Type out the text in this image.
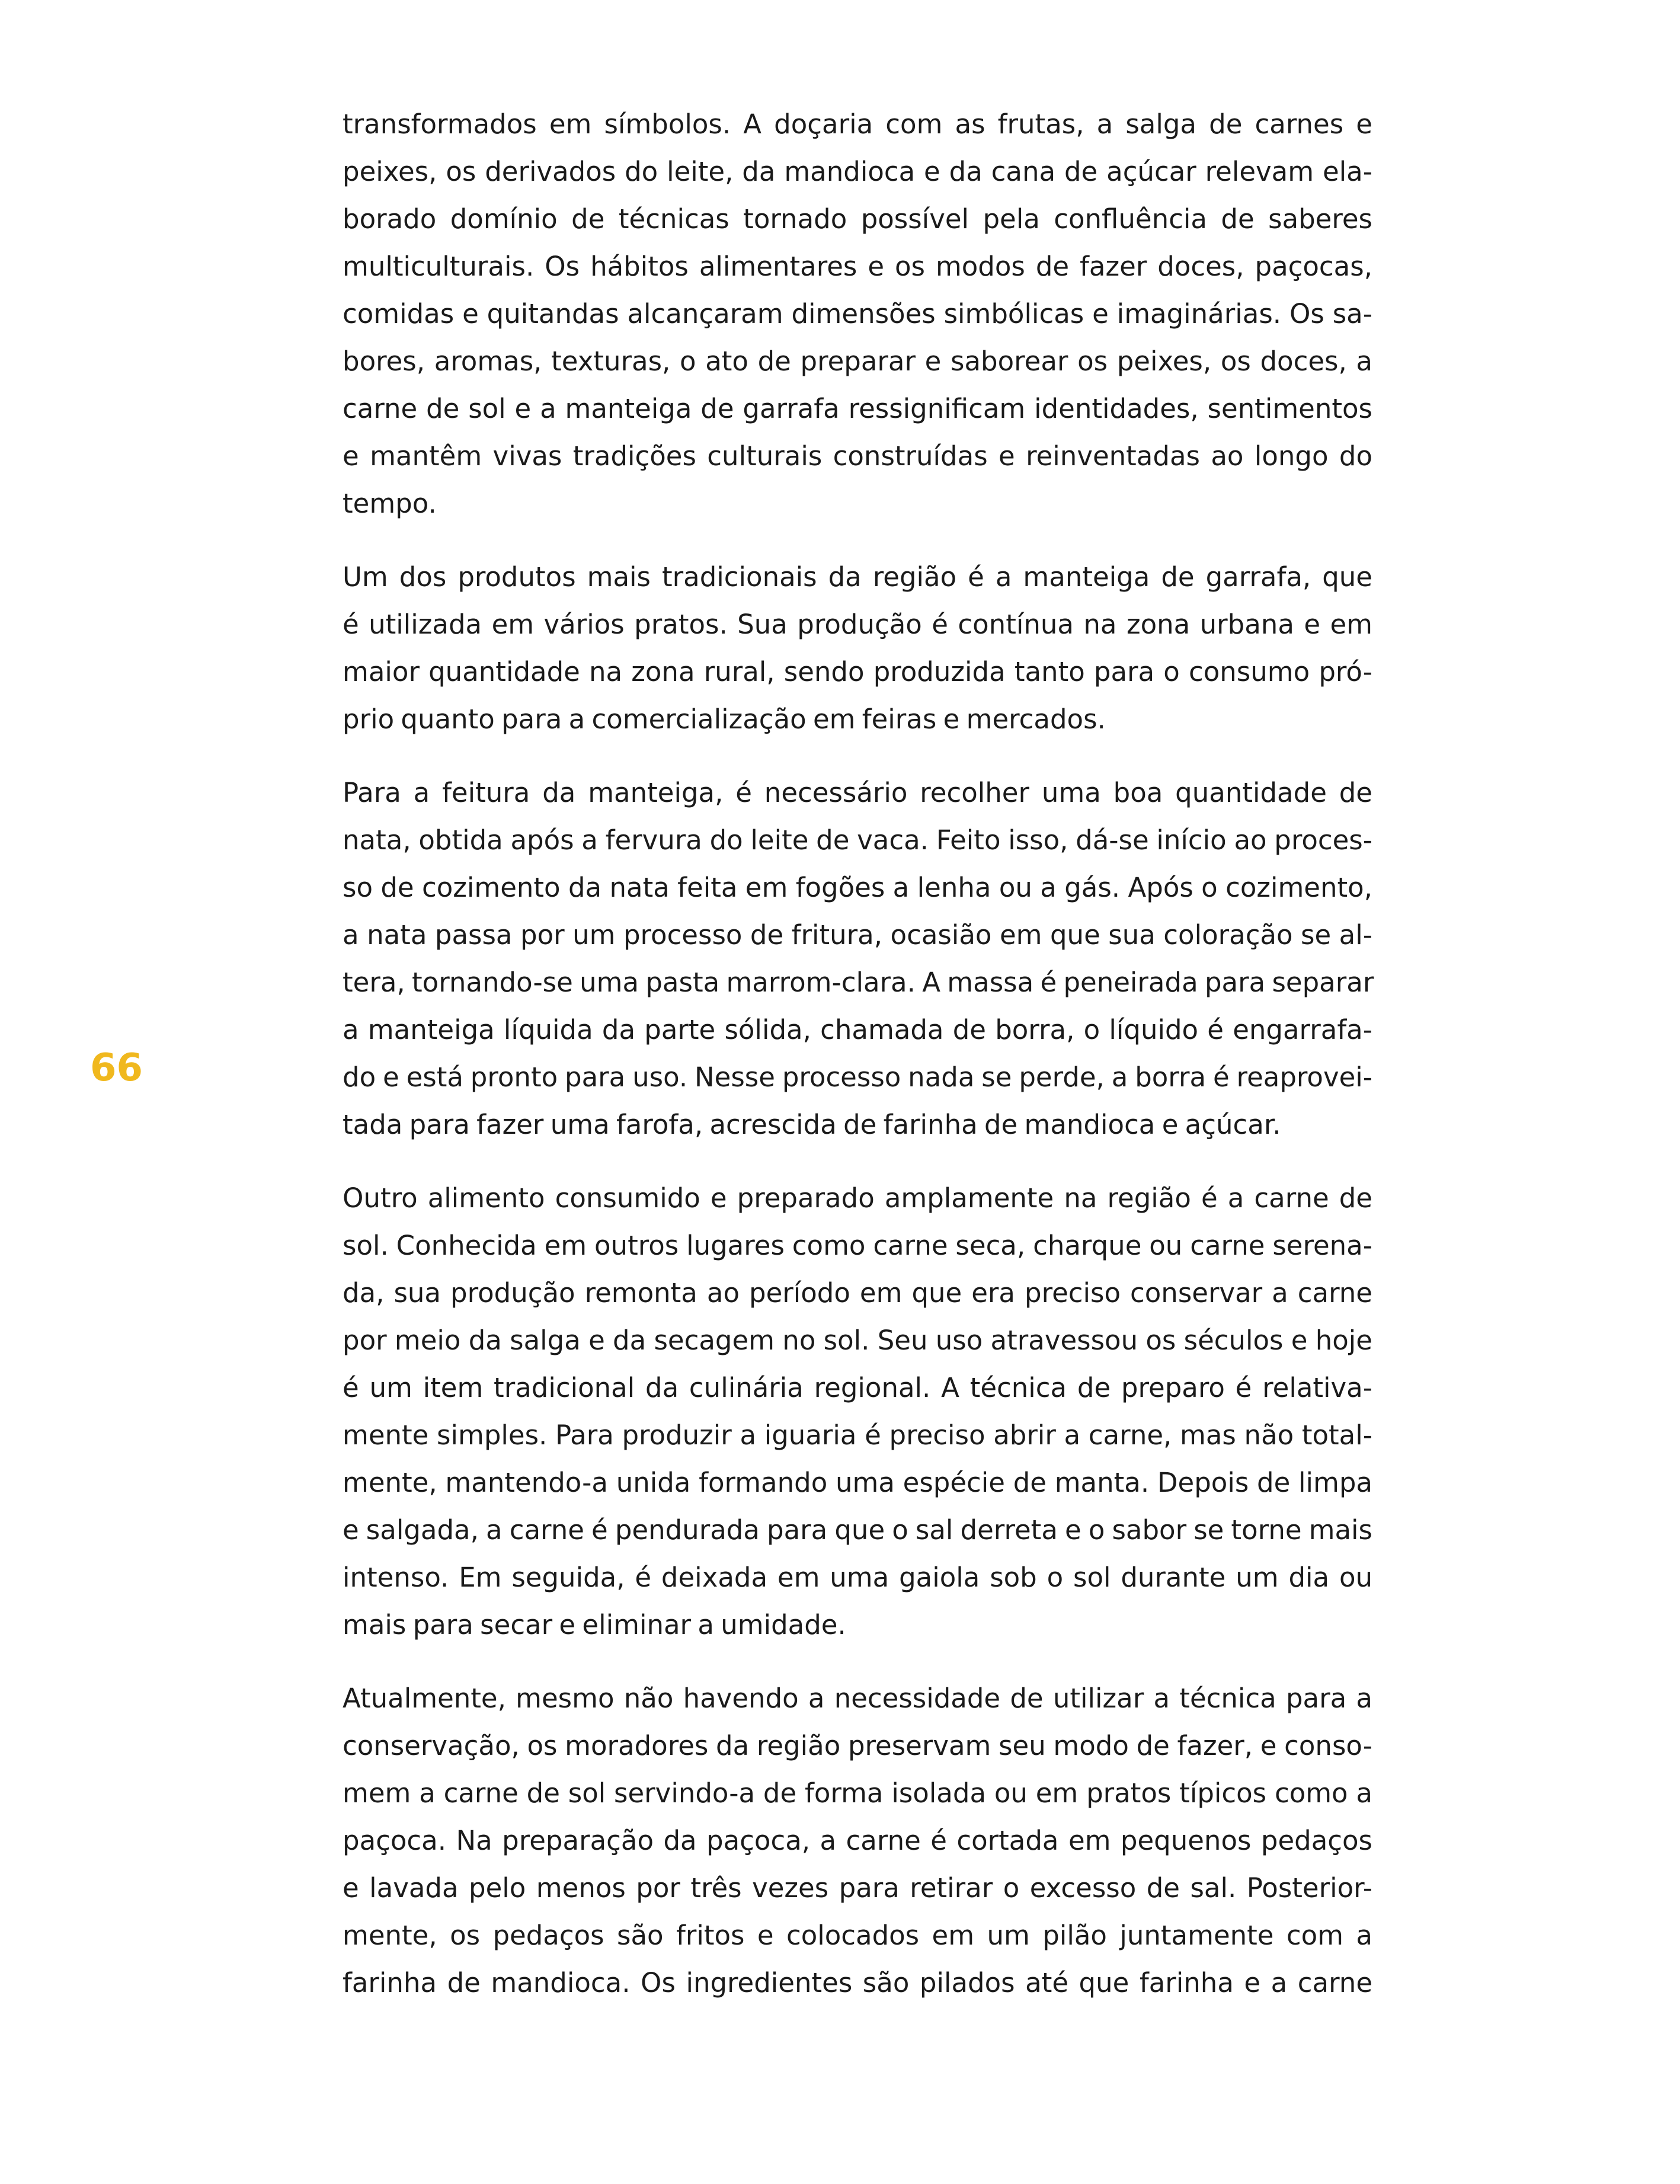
66

transformados em símbolos. A doçaria com as frutas, a salga de carnes e
peixes, os derivados do leite, da mandioca e da cana de açúcar relevam ela-
borado domínio de técnicas tornado possível pela confluência de saberes
multiculturais. Os hábitos alimentares e os modos de fazer doces, paçocas,
comidas e quitandas alcançaram dimensões simbólicas e imaginárias. Os sa-
bores, aromas, texturas, o ato de preparar e saborear os peixes, os doces, a
carne de sol e a manteiga de garrafa ressignificam identidades, sentimentos
e mantêm vivas tradições culturais construídas e reinventadas ao longo do
tempo.

Um dos produtos mais tradicionais da região é a manteiga de garrafa, que
é utilizada em vários pratos. Sua produção é contínua na zona urbana e em
maior quantidade na zona rural, sendo produzida tanto para o consumo pró-
prio quanto para a comercialização em feiras e mercados.

Para a feitura da manteiga, é necessário recolher uma boa quantidade de
nata, obtida após a fervura do leite de vaca. Feito isso, dá-se início ao proces-
so de cozimento da nata feita em fogões a lenha ou a gás. Após o cozimento,
a nata passa por um processo de fritura, ocasião em que sua coloração se al-
tera, tornando-se uma pasta marrom-clara. A massa é peneirada para separar
a manteiga líquida da parte sólida, chamada de borra, o líquido é engarrafa-
do e está pronto para uso. Nesse processo nada se perde, a borra é reaprovei-
tada para fazer uma farofa, acrescida de farinha de mandioca e açúcar.

Outro alimento consumido e preparado amplamente na região é a carne de
sol. Conhecida em outros lugares como carne seca, charque ou carne serena-
da, sua produção remonta ao período em que era preciso conservar a carne
por meio da salga e da secagem no sol. Seu uso atravessou os séculos e hoje
é um item tradicional da culinária regional. A técnica de preparo é relativa-
mente simples. Para produzir a iguaria é preciso abrir a carne, mas não total-
mente, mantendo-a unida formando uma espécie de manta. Depois de limpa
e salgada, a carne é pendurada para que o sal derreta e o sabor se torne mais
intenso. Em seguida, é deixada em uma gaiola sob o sol durante um dia ou
mais para secar e eliminar a umidade.

Atualmente, mesmo não havendo a necessidade de utilizar a técnica para a
conservação, os moradores da região preservam seu modo de fazer, e conso-
mem a carne de sol servindo-a de forma isolada ou em pratos típicos como a
paçoca. Na preparação da paçoca, a carne é cortada em pequenos pedaços
e lavada pelo menos por três vezes para retirar o excesso de sal. Posterior-
mente, os pedaços são fritos e colocados em um pilão juntamente com a
farinha de mandioca. Os ingredientes são pilados até que farinha e a carne
